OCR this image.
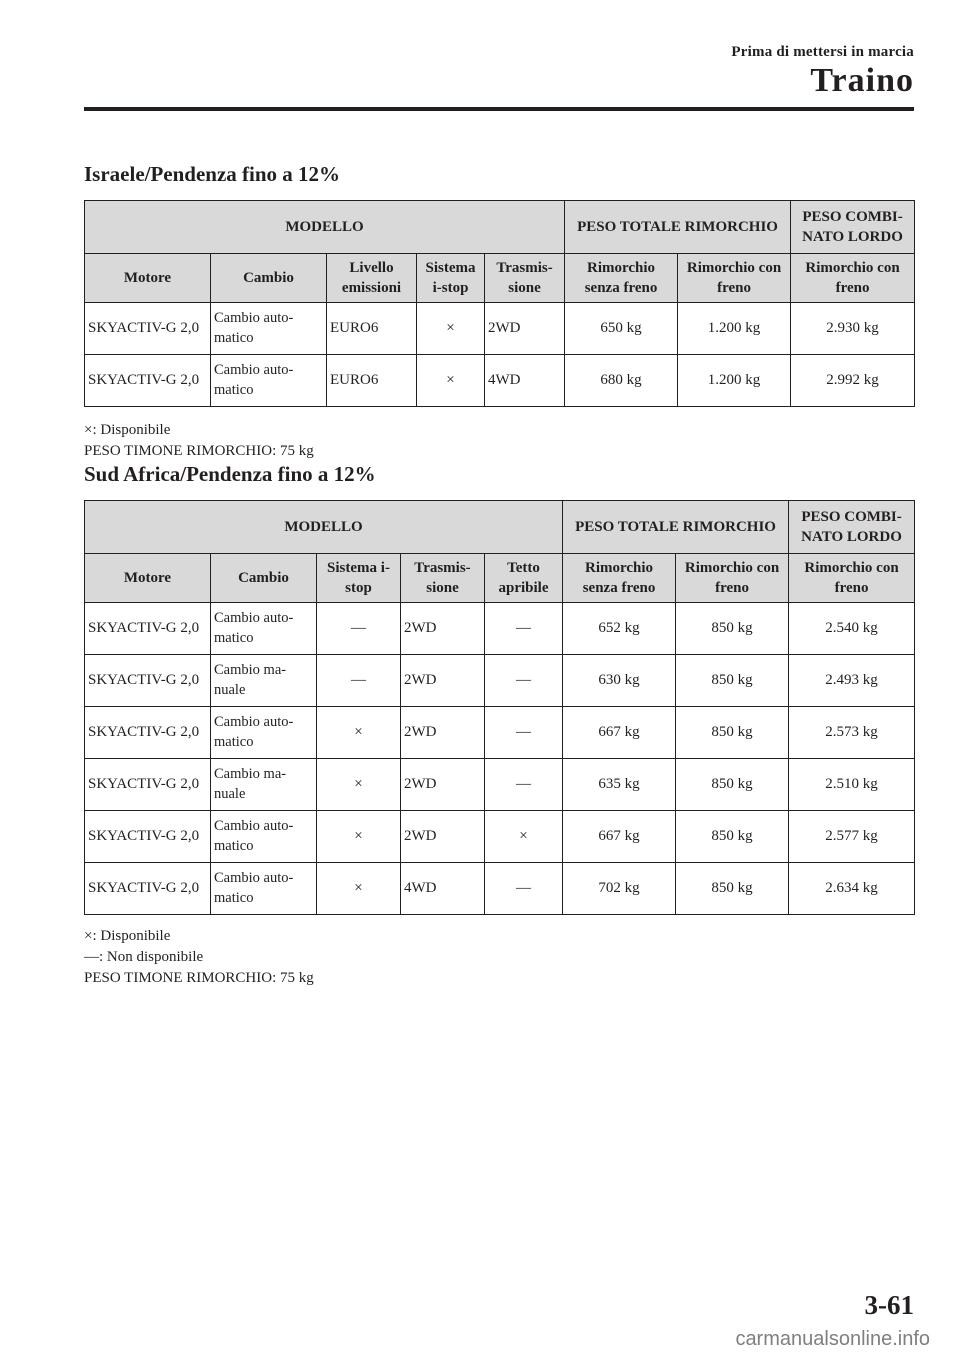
Prima di mettersi in marcia
Traino
Israele/Pendenza fino a 12%
MODELLO					PESO TOTALE RIMORCHIO		PESO COMBI-NATO LORDO
Motore	Cambio	Livello emissioni	Sistema i-stop	Trasmis-sione	Rimorchio senza freno	Rimorchio con freno	Rimorchio con freno
SKYACTIV-G 2,0	Cambio auto-matico	EURO6	×	2WD	650 kg	1.200 kg	2.930 kg
SKYACTIV-G 2,0	Cambio auto-matico	EURO6	×	4WD	680 kg	1.200 kg	2.992 kg
×: Disponibile
PESO TIMONE RIMORCHIO: 75 kg
Sud Africa/Pendenza fino a 12%
MODELLO					PESO TOTALE RIMORCHIO		PESO COMBI-NATO LORDO
Motore	Cambio	Sistema i-stop	Trasmis-sione	Tetto apribile	Rimorchio senza freno	Rimorchio con freno	Rimorchio con freno
SKYACTIV-G 2,0	Cambio auto-matico	―	2WD	―	652 kg	850 kg	2.540 kg
SKYACTIV-G 2,0	Cambio ma-nuale	―	2WD	―	630 kg	850 kg	2.493 kg
SKYACTIV-G 2,0	Cambio auto-matico	×	2WD	―	667 kg	850 kg	2.573 kg
SKYACTIV-G 2,0	Cambio ma-nuale	×	2WD	―	635 kg	850 kg	2.510 kg
SKYACTIV-G 2,0	Cambio auto-matico	×	2WD	×	667 kg	850 kg	2.577 kg
SKYACTIV-G 2,0	Cambio auto-matico	×	4WD	―	702 kg	850 kg	2.634 kg
×: Disponibile
―: Non disponibile
PESO TIMONE RIMORCHIO: 75 kg
3-61
carmanualsonline.info
